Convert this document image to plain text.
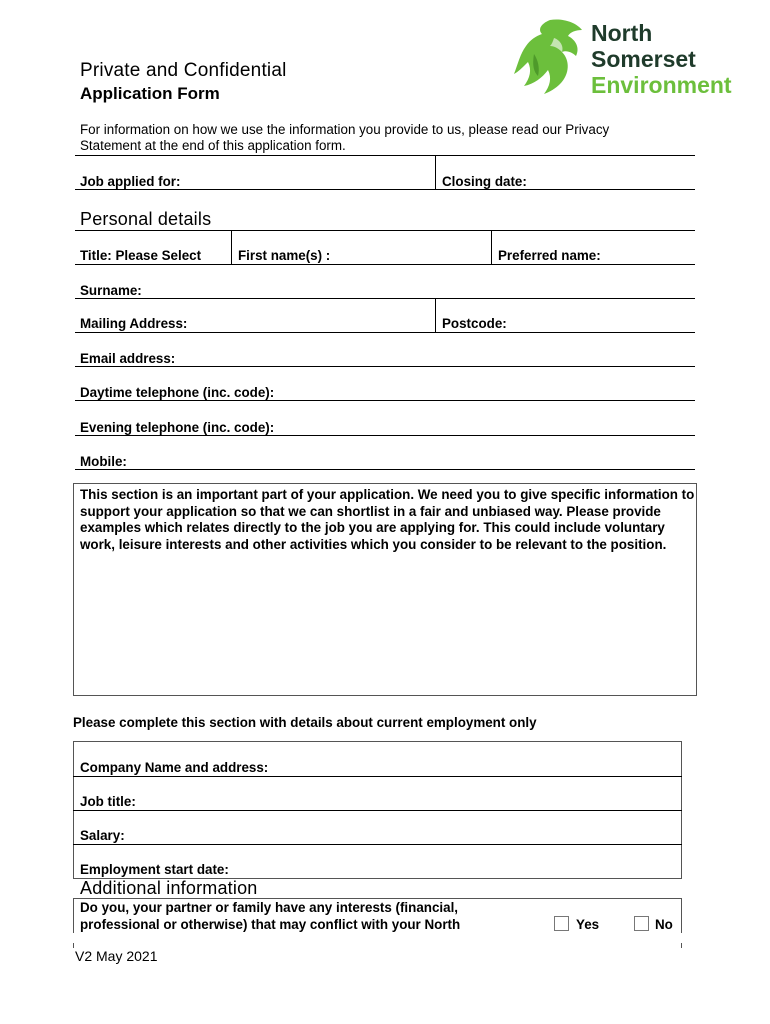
North
Somerset
Environment
Private and Confidential
Application Form
For information on how we use the information you provide to us, please read our Privacy Statement at the end of this application form.
Job applied for:	Closing date:
Personal details
Title: Please Select	First name(s) :	Preferred name:
Surname:
Mailing Address:	Postcode:
Email address:
Daytime telephone (inc. code):
Evening telephone (inc. code):
Mobile:
This section is an important part of your application. We need you to give specific information to support your application so that we can shortlist in a fair and unbiased way. Please provide examples which relates directly to the job you are applying for. This could include voluntary work, leisure interests and other activities which you consider to be relevant to the position.
Please complete this section with details about current employment only
Company Name and address:
Job title:
Salary:
Employment start date:
Additional information
Do you, your partner or family have any interests (financial,
professional or otherwise) that may conflict with your North	Yes	No
V2 May 2021
